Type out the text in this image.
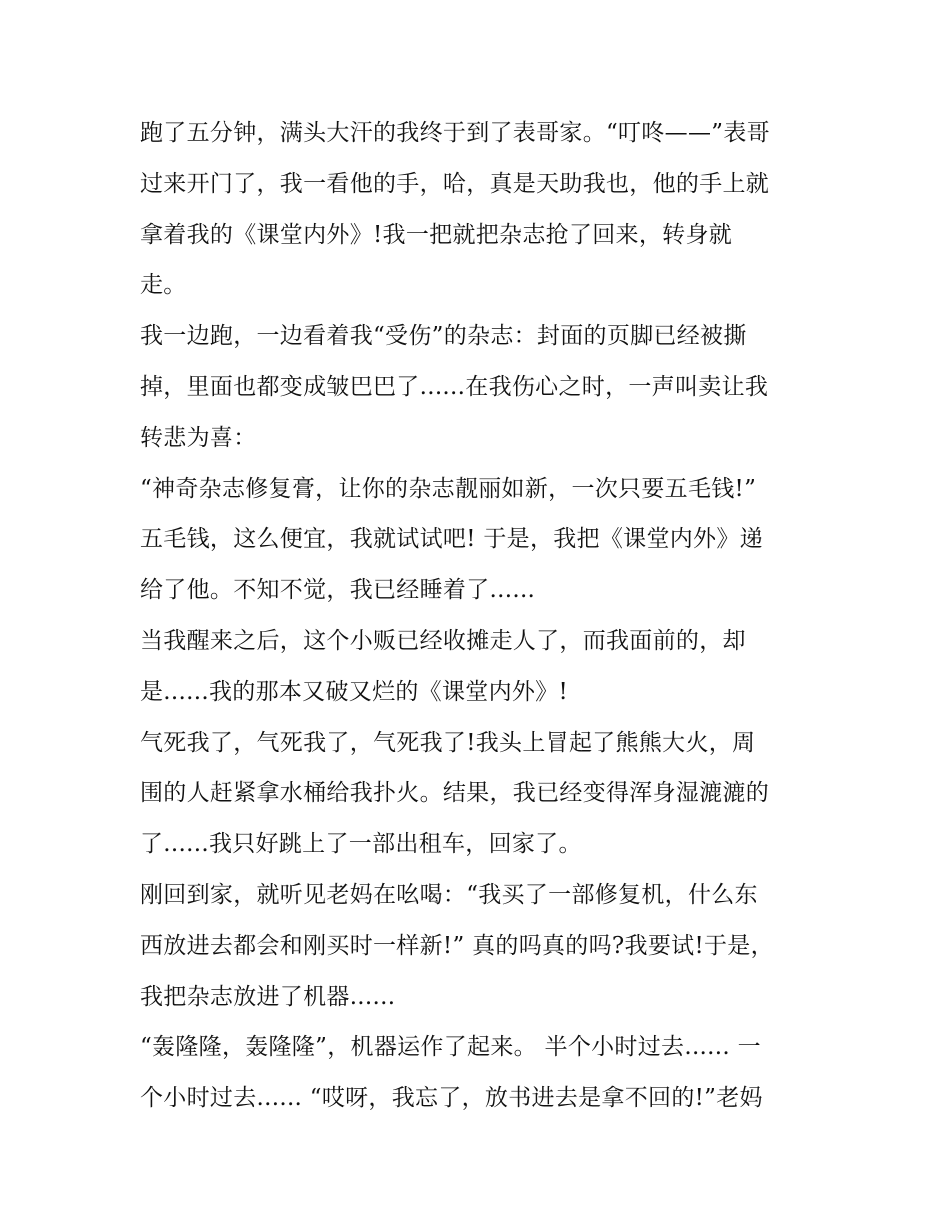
跑了五分钟，满头大汗的我终于到了表哥家。“叮咚——”表哥
过来开门了，我一看他的手，哈，真是天助我也，他的手上就
拿着我的《课堂内外》!我一把就把杂志抢了回来，转身就
走。
我一边跑，一边看着我“受伤”的杂志：封面的页脚已经被撕
掉，里面也都变成皱巴巴了......在我伤心之时，一声叫卖让我
转悲为喜：
“神奇杂志修复膏，让你的杂志靓丽如新，一次只要五毛钱!”
五毛钱，这么便宜，我就试试吧! 于是，我把《课堂内外》递
给了他。不知不觉，我已经睡着了......
当我醒来之后，这个小贩已经收摊走人了，而我面前的，却
是......我的那本又破又烂的《课堂内外》!
气死我了，气死我了，气死我了!我头上冒起了熊熊大火，周
围的人赶紧拿水桶给我扑火。结果，我已经变得浑身湿漉漉的
了......我只好跳上了一部出租车，回家了。
刚回到家，就听见老妈在吆喝：“我买了一部修复机，什么东
西放进去都会和刚买时一样新!” 真的吗真的吗?我要试!于是，
我把杂志放进了机器......
“轰隆隆，轰隆隆”，机器运作了起来。 半个小时过去...... 一
个小时过去...... “哎呀，我忘了，放书进去是拿不回的!”老妈
